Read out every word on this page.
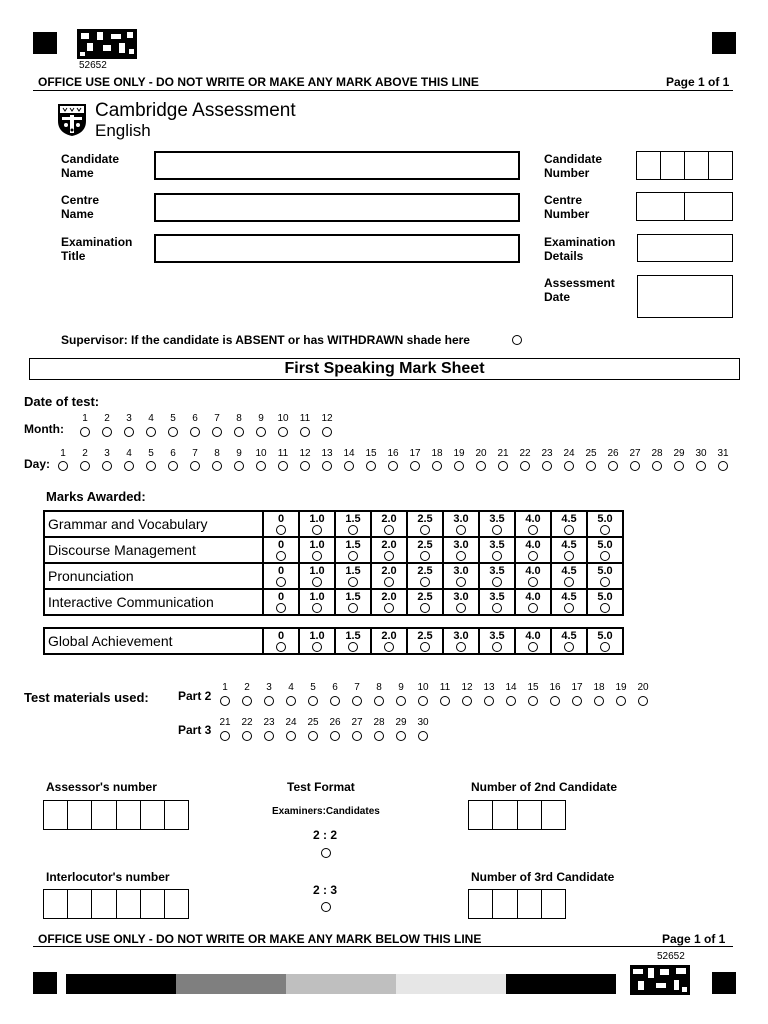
52652
OFFICE USE ONLY - DO NOT WRITE OR MAKE ANY MARK ABOVE THIS LINE	Page 1 of 1
Cambridge Assessment
English
Candidate
Name
Centre
Name
Examination
Title
Candidate
Number
Centre
Number
Examination
Details
Assessment
Date
Supervisor: If the candidate is ABSENT or has WITHDRAWN shade here
First Speaking Mark Sheet
Date of test:
Month:
1	2	3	4	5	6	7	8	9	10	11	12
Day:
1	2	3	4	5	6	7	8	9	10	11	12	13	14	15	16	17	18	19	20	21	22	23	24	25	26	27	28	29	30	31
Marks Awarded:
Grammar and Vocabulary	0	1.0	1.5	2.0	2.5	3.0	3.5	4.0	4.5	5.0

Discourse Management	0	1.0	1.5	2.0	2.5	3.0	3.5	4.0	4.5	5.0

Pronunciation	0	1.0	1.5	2.0	2.5	3.0	3.5	4.0	4.5	5.0

Interactive Communication	0	1.0	1.5	2.0	2.5	3.0	3.5	4.0	4.5	5.0
Global Achievement	0	1.0	1.5	2.0	2.5	3.0	3.5	4.0	4.5	5.0
Test materials used: Part 2
1	2	3	4	5	6	7	8	9	10	11	12	13	14	15	16	17	18	19	20
Part 3
21	22	23	24	25	26	27	28	29	30
Assessor's number
Interlocutor's number
Test Format
Examiners:Candidates
2 : 2
2 : 3
Number of 2nd Candidate
Number of 3rd Candidate
OFFICE USE ONLY - DO NOT WRITE OR MAKE ANY MARK BELOW THIS LINE	Page 1 of 1
52652
